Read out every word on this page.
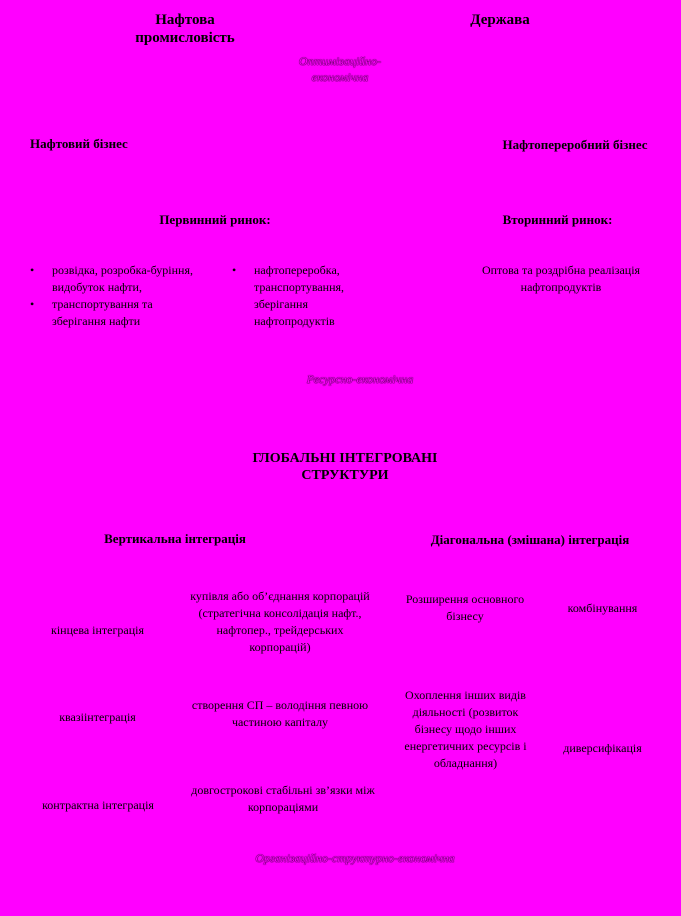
Нафтова промисловість
Держава
Оптимізаційно-економічна
Нафтовий бізнес	Нафтопереробний бізнес
Первинний ринок:	Вторинний ринок:
• розвідка, розробка-буріння, видобуток нафти,
• транспортування та зберігання нафти
• нафтопереробка, транспортування, зберігання нафтопродуктів
Оптова та роздрібна реалізація нафтопродуктів
Ресурсно-економічна
ГЛОБАЛЬНІ ІНТЕГРОВАНІ СТРУКТУРИ
Вертикальна інтеграція
кінцева інтеграція
купівля або об’єднання корпорацій (стратегічна консолідація нафт., нафтопер., трейдерських корпорацій)
квазіінтеграція
створення СП – володіння певною частиною капіталу
контрактна інтеграція
довгострокові стабільні зв’язки між корпораціями
Діагональна (змішана) інтеграція
Розширення основного бізнесу
комбінування
Охоплення інших видів діяльності (розвиток бізнесу щодо інших енергетичних ресурсів і обладнання)
диверсифікація
Організаційно-структурно-економічна
